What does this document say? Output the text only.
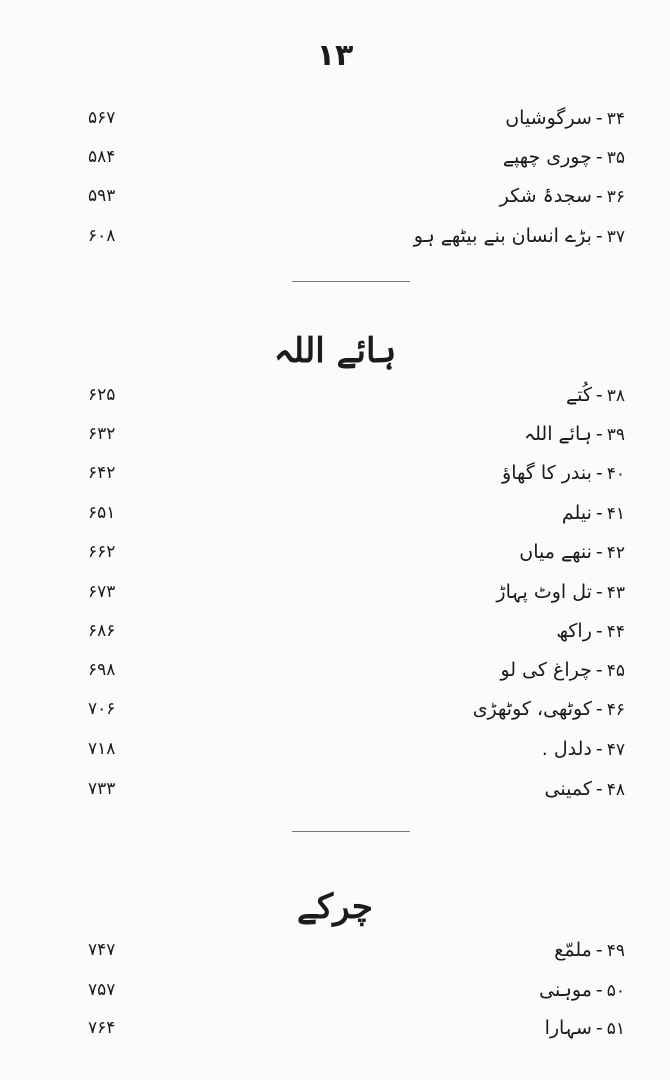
۱۳
۳۴-سرگوشیاں
۵۶۷
۳۵-چوری چھپے
۵۸۴
۳۶-سجدۂ شکر
۵۹۳
۳۷-بڑے انسان بنے بیٹھے ہو
۶۰۸
ہائے اللہ
۳۸-کُتے
۶۲۵
۳۹-ہائے اللہ
۶۳۲
۴۰-بندر کا گھاؤ
۶۴۲
۴۱-نیلم
۶۵۱
۴۲-ننھے میاں
۶۶۲
۴۳-تل اوٹ پہاڑ
۶۷۳
۴۴-راکھ
۶۸۶
۴۵-چراغ کی لو
۶۹۸
۴۶-کوٹھی، کوٹھڑی
۷۰۶
۴۷-دلدل .
۷۱۸
۴۸-کمینی
۷۳۳
چرکے
۴۹-ملمّع
۷۴۷
۵۰-موہنی
۷۵۷
۵۱-سہارا
۷۶۴
